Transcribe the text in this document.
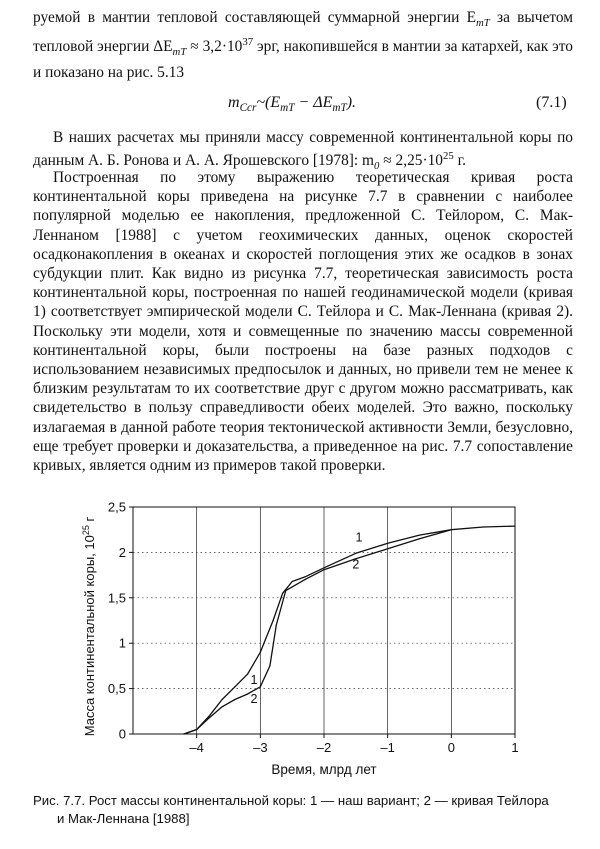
руемой в мантии тепловой составляющей суммарной энергии $E_{mT}$ за вычетом тепловой энергии $\Delta E_{mT} \approx 3,2\cdot 10^{37}$ эрг, накопившейся в мантии за катархей, как это и показано на рис. 5.13

$m_{Ccr}\sim(E_{mT} - \Delta E_{mT})$.	(7.1)

В наших расчетах мы приняли массу современной континентальной коры по данным А. Б. Ронова и А. А. Ярошевского [1978]: $m_0 \approx 2,25\cdot 10^{25}$ г.

Построенная по этому выражению теоретическая кривая роста континентальной коры приведена на рисунке 7.7 в сравнении с наиболее популярной моделью ее накопления, предложенной С. Тейлором, С. Мак-Леннаном [1988] с учетом геохимических данных, оценок скоростей осадконакопления в океанах и скоростей поглощения этих же осадков в зонах субдукции плит. Как видно из рисунка 7.7, теоретическая зависимость роста континентальной коры, построенная по нашей геодинамической модели (кривая 1) соответствует эмпирической модели С. Тейлора и С. Мак-Леннана (кривая 2). Поскольку эти модели, хотя и совмещенные по значению массы современной континентальной коры, были построены на базе разных подходов с использованием независимых предпосылок и данных, но привели тем не менее к близким результатам то их соответствие друг с другом можно рассматривать, как свидетельство в пользу справедливости обеих моделей. Это важно, поскольку излагаемая в данной работе теория тектонической активности Земли, безусловно, еще требует проверки и доказательства, а приведенное на рис. 7.7 сопоставление кривых, является одним из примеров такой проверки.

–4	–3	–2	–1	0	1
0
0,5
1
1,5
2
2,5
Время, млрд лет
Масса континентальной коры, $10^{25}$ г
1
2
1
2
Рис. 7.7. Рост массы континентальной коры: 1 — наш вариант; 2 — кривая Тейлора
и Мак-Леннана [1988]
